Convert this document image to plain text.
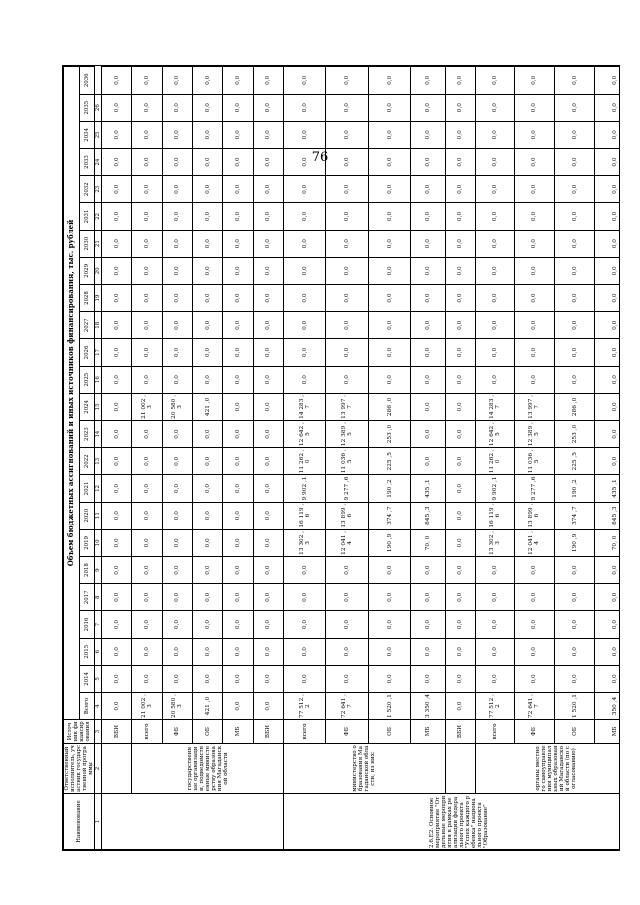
76
Наименование	Ответственный исполнитель, участник государственной программы	Источник финансирования	Объем бюджетных ассигнований и иных источников финансирования, тыс. рублей																							
			Всего	2014	2015	2016	2017	2018	2019	2020	2021	2022	2023	2024	2025	2026	2027	2028	2029	2030	2031	2032	2033	2034	2035	2036
1	2	3	4	5	6	7	8	9	10	11	12	13	14	15	16	17	18	19	20	21	22	23	24	25	26	
		ВБИ	0,0	0,0	0,0	0,0	0,0	0,0	0,0	0,0	0,0	0,0	0,0	0,0	0,0	0,0	0,0	0,0	0,0	0,0	0,0	0,0	0,0	0,0	0,0	0,0
	государственные организации, подведомственные министерству образования Магаданской области	всего	21 002 ,3	0,0	0,0	0,0	0,0	0,0	0,0	0,0	0,0	0,0	0,0	21 002 ,3	0,0	0,0	0,0	0,0	0,0	0,0	0,0	0,0	0,0	0,0	0,0	0,0
		ФБ	20 580 ,3	0,0	0,0	0,0	0,0	0,0	0,0	0,0	0,0	0,0	0,0	20 580 ,3	0,0	0,0	0,0	0,0	0,0	0,0	0,0	0,0	0,0	0,0	0,0	0,0
		ОБ	421 ,0	0,0	0,0	0,0	0,0	0,0	0,0	0,0	0,0	0,0	0,0	421 ,0	0,0	0,0	0,0	0,0	0,0	0,0	0,0	0,0	0,0	0,0	0,0	0,0
		МБ	0,0	0,0	0,0	0,0	0,0	0,0	0,0	0,0	0,0	0,0	0,0	0,0	0,0	0,0	0,0	0,0	0,0	0,0	0,0	0,0	0,0	0,0	0,0	0,0
		ВБИ	0,0	0,0	0,0	0,0	0,0	0,0	0,0	0,0	0,0	0,0	0,0	0,0	0,0	0,0	0,0	0,0	0,0	0,0	0,0	0,0	0,0	0,0	0,0	0,0
2.6.E2. Основное мероприятие "Отдельные мероприятия в рамках реализации федерального проекта "Успех каждого ребенка" национального проекта "Образование"	министерство образования Магаданской области, из них:	всего	77 512 ,2	0,0	0,0	0,0	0,0	0,0	13 302 ,3	16 119 ,6	9 902 ,1	11 262 ,0	12 642 ,5	14 283 ,7	0,0	0,0	0,0	0,0	0,0	0,0	0,0	0,0	0,0	0,0	0,0	0,0
		ФБ	72 641 ,7	0,0	0,0	0,0	0,0	0,0	12 041 ,4	13 899 ,6	9 277 ,6	11 036 ,5	12 389 ,5	13 997 ,7	0,0	0,0	0,0	0,0	0,0	0,0	0,0	0,0	0,0	0,0	0,0	0,0
		ОБ	1 520 ,1	0,0	0,0	0,0	0,0	0,0	190 ,9	374 ,7	190 ,2	225 ,5	253 ,0	286 ,0	0,0	0,0	0,0	0,0	0,0	0,0	0,0	0,0	0,0	0,0	0,0	0,0
		МБ	3 350 ,4	0,0	0,0	0,0	0,0	0,0	70, 0	845 ,3	435 ,1	0,0	0,0	0,0	0,0	0,0	0,0	0,0	0,0	0,0	0,0	0,0	0,0	0,0	0,0	0,0
		ВБИ	0,0	0,0	0,0	0,0	0,0	0,0	0,0	0,0	0,0	0,0	0,0	0,0	0,0	0,0	0,0	0,0	0,0	0,0	0,0	0,0	0,0	0,0	0,0	0,0
	органы местного самоуправления муниципальных образований Магаданской области (по согласованию)	всего	77 512 ,2	0,0	0,0	0,0	0,0	0,0	13 302 ,3	16 119 ,6	9 902 ,1	11 262 ,0	12 642 ,5	14 283 ,7	0,0	0,0	0,0	0,0	0,0	0,0	0,0	0,0	0,0	0,0	0,0	0,0
		ФБ	72 641 ,7	0,0	0,0	0,0	0,0	0,0	12 041 ,4	13 899 ,6	9 277 ,6	11 036 ,5	12 389 ,5	13 997 ,7	0,0	0,0	0,0	0,0	0,0	0,0	0,0	0,0	0,0	0,0	0,0	0,0
		ОБ	1 520 ,1	0,0	0,0	0,0	0,0	0,0	190 ,9	374 ,7	190 ,2	225 ,5	253 ,0	286 ,0	0,0	0,0	0,0	0,0	0,0	0,0	0,0	0,0	0,0	0,0	0,0	0,0
		МБ	350 ,4	0,0	0,0	0,0	0,0	0,0	70, 0	845 ,3	435 ,1	0,0	0,0	0,0	0,0	0,0	0,0	0,0	0,0	0,0	0,0	0,0	0,0	0,0	0,0	0,0
